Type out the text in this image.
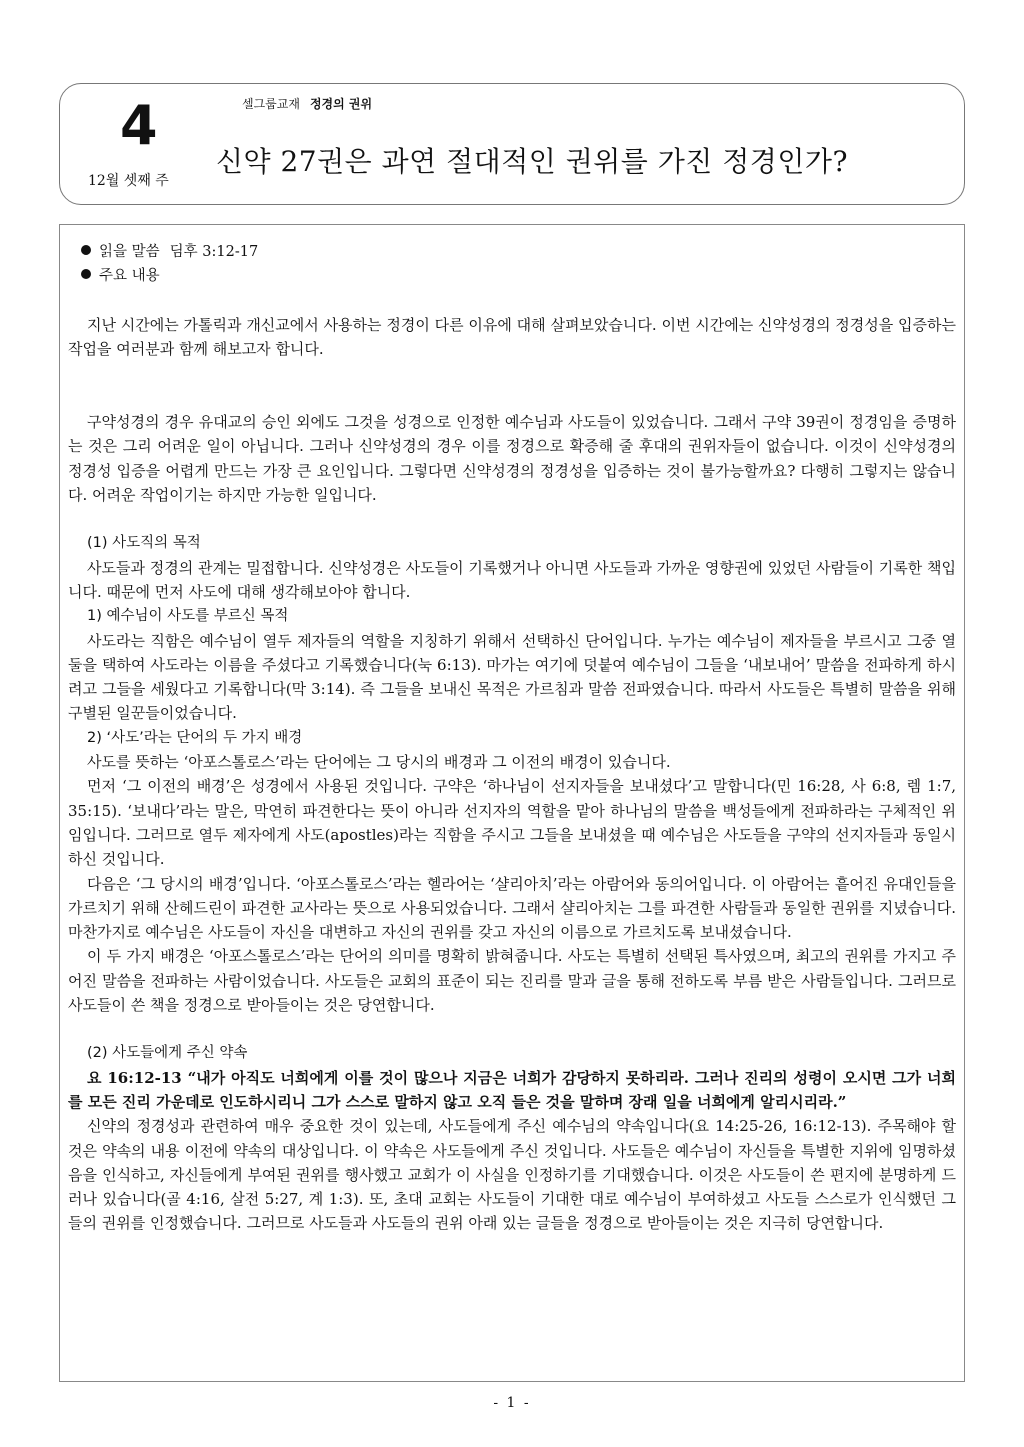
4
12월 셋째 주
셀그룹교재 정경의 권위
신약 27권은 과연 절대적인 권위를 가진 정경인가?
읽을 말씀 딤후 3:12-17
주요 내용

지난 시간에는 가톨릭과 개신교에서 사용하는 정경이 다른 이유에 대해 살펴보았습니다. 이번 시간에는 신약성경의 정경성을 입증하는 작업을 여러분과 함께 해보고자 합니다.

구약성경의 경우 유대교의 승인 외에도 그것을 성경으로 인정한 예수님과 사도들이 있었습니다. 그래서 구약 39권이 정경임을 증명하는 것은 그리 어려운 일이 아닙니다. 그러나 신약성경의 경우 이를 정경으로 확증해 줄 후대의 권위자들이 없습니다. 이것이 신약성경의 정경성 입증을 어렵게 만드는 가장 큰 요인입니다. 그렇다면 신약성경의 정경성을 입증하는 것이 불가능할까요? 다행히 그렇지는 않습니다. 어려운 작업이기는 하지만 가능한 일입니다.

(1) 사도직의 목적

사도들과 정경의 관계는 밀접합니다. 신약성경은 사도들이 기록했거나 아니면 사도들과 가까운 영향권에 있었던 사람들이 기록한 책입니다. 때문에 먼저 사도에 대해 생각해보아야 합니다.

1) 예수님이 사도를 부르신 목적

사도라는 직함은 예수님이 열두 제자들의 역할을 지칭하기 위해서 선택하신 단어입니다. 누가는 예수님이 제자들을 부르시고 그중 열둘을 택하여 사도라는 이름을 주셨다고 기록했습니다(눅 6:13). 마가는 여기에 덧붙여 예수님이 그들을 ‘내보내어’ 말씀을 전파하게 하시려고 그들을 세웠다고 기록합니다(막 3:14). 즉 그들을 보내신 목적은 가르침과 말씀 전파였습니다. 따라서 사도들은 특별히 말씀을 위해 구별된 일꾼들이었습니다.

2) ‘사도’라는 단어의 두 가지 배경

사도를 뜻하는 ‘아포스톨로스’라는 단어에는 그 당시의 배경과 그 이전의 배경이 있습니다.

먼저 ‘그 이전의 배경’은 성경에서 사용된 것입니다. 구약은 ‘하나님이 선지자들을 보내셨다’고 말합니다(민 16:28, 사 6:8, 렘 1:7, 35:15). ‘보내다’라는 말은, 막연히 파견한다는 뜻이 아니라 선지자의 역할을 맡아 하나님의 말씀을 백성들에게 전파하라는 구체적인 위임입니다. 그러므로 열두 제자에게 사도(apostles)라는 직함을 주시고 그들을 보내셨을 때 예수님은 사도들을 구약의 선지자들과 동일시하신 것입니다.

다음은 ‘그 당시의 배경’입니다. ‘아포스톨로스’라는 헬라어는 ‘샬리아치’라는 아람어와 동의어입니다. 이 아람어는 흩어진 유대인들을 가르치기 위해 산헤드린이 파견한 교사라는 뜻으로 사용되었습니다. 그래서 샬리아치는 그를 파견한 사람들과 동일한 권위를 지녔습니다. 마찬가지로 예수님은 사도들이 자신을 대변하고 자신의 권위를 갖고 자신의 이름으로 가르치도록 보내셨습니다.

이 두 가지 배경은 ‘아포스톨로스’라는 단어의 의미를 명확히 밝혀줍니다. 사도는 특별히 선택된 특사였으며, 최고의 권위를 가지고 주어진 말씀을 전파하는 사람이었습니다. 사도들은 교회의 표준이 되는 진리를 말과 글을 통해 전하도록 부름 받은 사람들입니다. 그러므로 사도들이 쓴 책을 정경으로 받아들이는 것은 당연합니다.

(2) 사도들에게 주신 약속

요 16:12-13 “내가 아직도 너희에게 이를 것이 많으나 지금은 너희가 감당하지 못하리라. 그러나 진리의 성령이 오시면 그가 너희를 모든 진리 가운데로 인도하시리니 그가 스스로 말하지 않고 오직 들은 것을 말하며 장래 일을 너희에게 알리시리라.”

신약의 정경성과 관련하여 매우 중요한 것이 있는데, 사도들에게 주신 예수님의 약속입니다(요 14:25-26, 16:12-13). 주목해야 할 것은 약속의 내용 이전에 약속의 대상입니다. 이 약속은 사도들에게 주신 것입니다. 사도들은 예수님이 자신들을 특별한 지위에 임명하셨음을 인식하고, 자신들에게 부여된 권위를 행사했고 교회가 이 사실을 인정하기를 기대했습니다. 이것은 사도들이 쓴 편지에 분명하게 드러나 있습니다(골 4:16, 살전 5:27, 계 1:3). 또, 초대 교회는 사도들이 기대한 대로 예수님이 부여하셨고 사도들 스스로가 인식했던 그들의 권위를 인정했습니다. 그러므로 사도들과 사도들의 권위 아래 있는 글들을 정경으로 받아들이는 것은 지극히 당연합니다.

- 1 -
